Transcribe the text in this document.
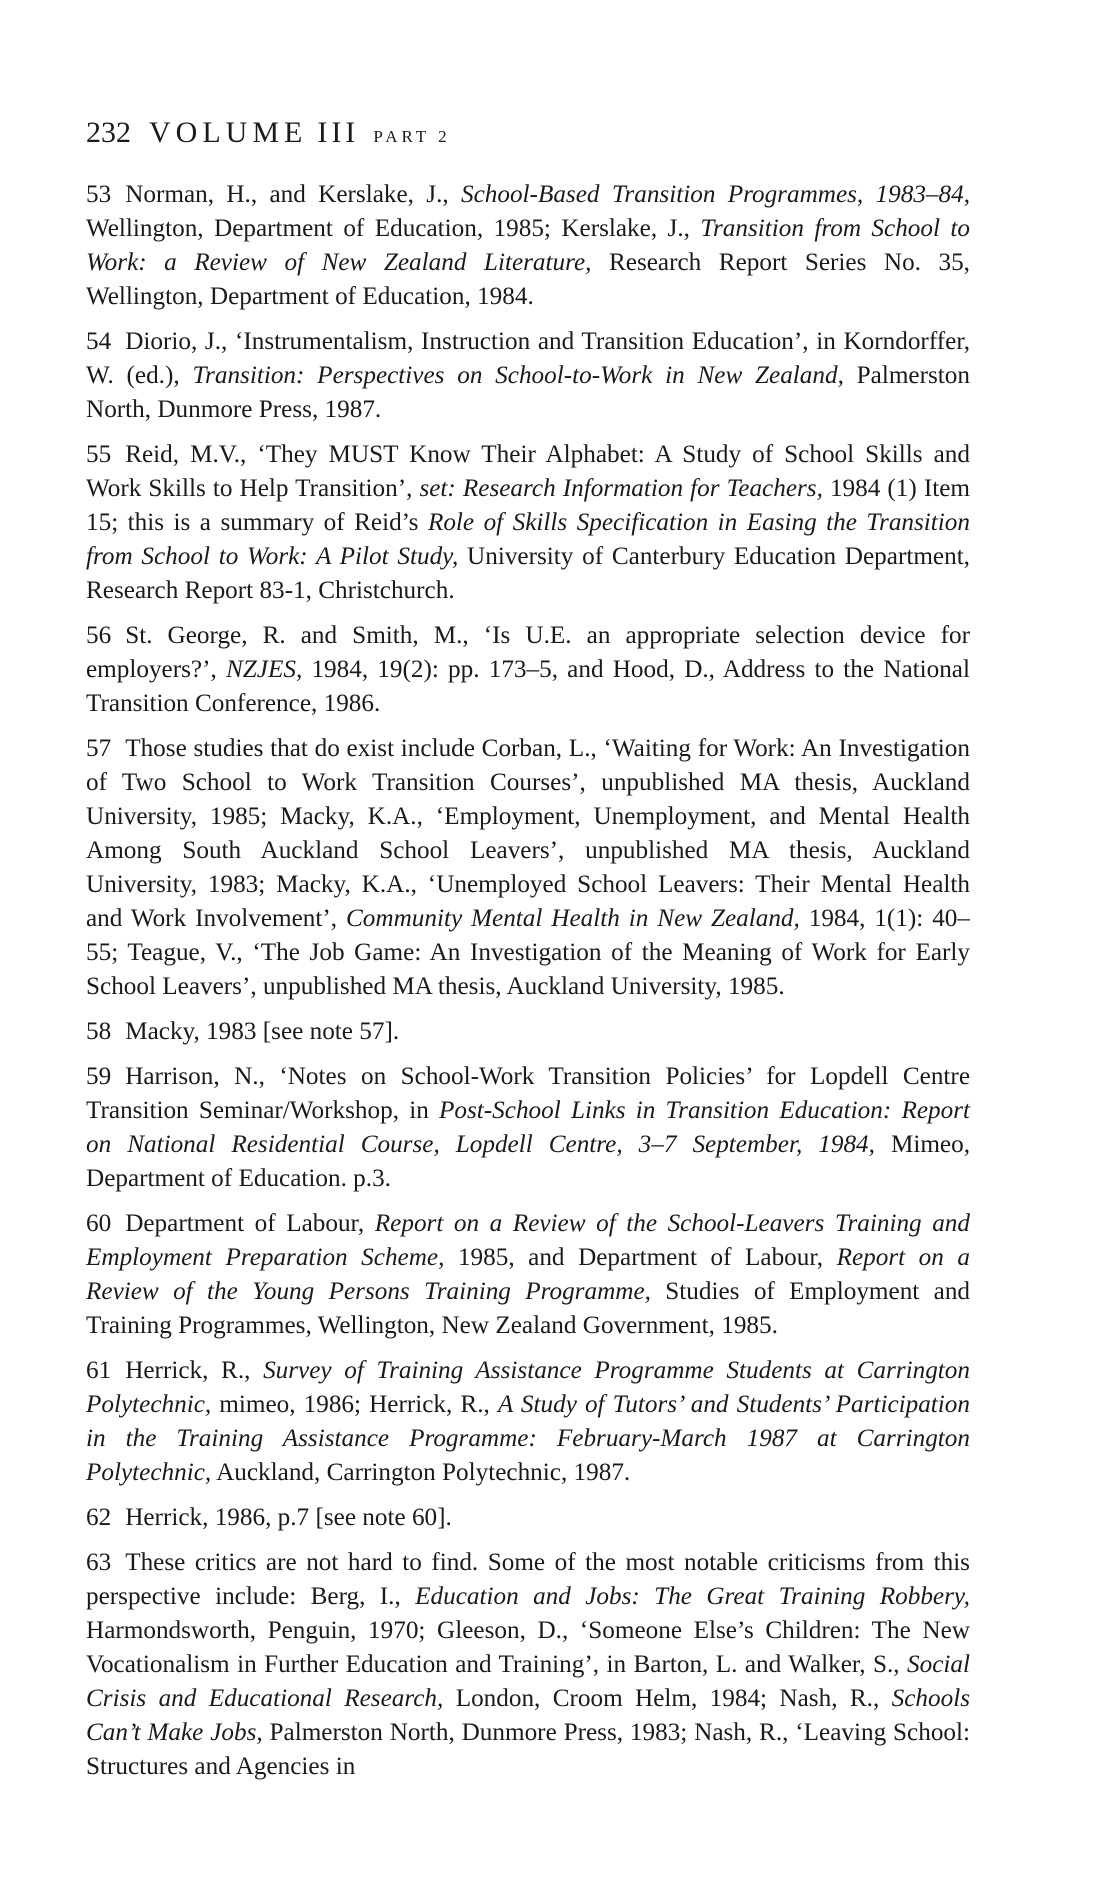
232 VOLUME III PART 2

53 Norman, H., and Kerslake, J., School-Based Transition Programmes, 1983–84, Wellington, Department of Education, 1985; Kerslake, J., Transition from School to Work: a Review of New Zealand Literature, Research Report Series No. 35, Wellington, Department of Education, 1984.

54 Diorio, J., ‘Instrumentalism, Instruction and Transition Education’, in Korndorffer, W. (ed.), Transition: Perspectives on School-to-Work in New Zealand, Palmerston North, Dunmore Press, 1987.

55 Reid, M.V., ‘They MUST Know Their Alphabet: A Study of School Skills and Work Skills to Help Transition’, set: Research Information for Teachers, 1984 (1) Item 15; this is a summary of Reid’s Role of Skills Specification in Easing the Transition from School to Work: A Pilot Study, University of Canterbury Education Department, Research Report 83-1, Christchurch.

56 St. George, R. and Smith, M., ‘Is U.E. an appropriate selection device for employers?’, NZJES, 1984, 19(2): pp. 173–5, and Hood, D., Address to the National Transition Conference, 1986.

57 Those studies that do exist include Corban, L., ‘Waiting for Work: An Investigation of Two School to Work Transition Courses’, unpublished MA thesis, Auckland University, 1985; Macky, K.A., ‘Employment, Unemployment, and Mental Health Among South Auckland School Leavers’, unpublished MA thesis, Auckland University, 1983; Macky, K.A., ‘Unemployed School Leavers: Their Mental Health and Work Involvement’, Community Mental Health in New Zealand, 1984, 1(1): 40–55; Teague, V., ‘The Job Game: An Investigation of the Meaning of Work for Early School Leavers’, unpublished MA thesis, Auckland University, 1985.

58 Macky, 1983 [see note 57].

59 Harrison, N., ‘Notes on School-Work Transition Policies’ for Lopdell Centre Transition Seminar/Workshop, in Post-School Links in Transition Education: Report on National Residential Course, Lopdell Centre, 3–7 September, 1984, Mimeo, Department of Education. p.3.

60 Department of Labour, Report on a Review of the School-Leavers Training and Employment Preparation Scheme, 1985, and Department of Labour, Report on a Review of the Young Persons Training Programme, Studies of Employment and Training Programmes, Wellington, New Zealand Government, 1985.

61 Herrick, R., Survey of Training Assistance Programme Students at Carrington Polytechnic, mimeo, 1986; Herrick, R., A Study of Tutors’ and Students’ Participation in the Training Assistance Programme: February-March 1987 at Carrington Polytechnic, Auckland, Carrington Polytechnic, 1987.

62 Herrick, 1986, p.7 [see note 60].

63 These critics are not hard to find. Some of the most notable criticisms from this perspective include: Berg, I., Education and Jobs: The Great Training Robbery, Harmondsworth, Penguin, 1970; Gleeson, D., ‘Someone Else’s Children: The New Vocationalism in Further Education and Training’, in Barton, L. and Walker, S., Social Crisis and Educational Research, London, Croom Helm, 1984; Nash, R., Schools Can’t Make Jobs, Palmerston North, Dunmore Press, 1983; Nash, R., ‘Leaving School: Structures and Agencies in
